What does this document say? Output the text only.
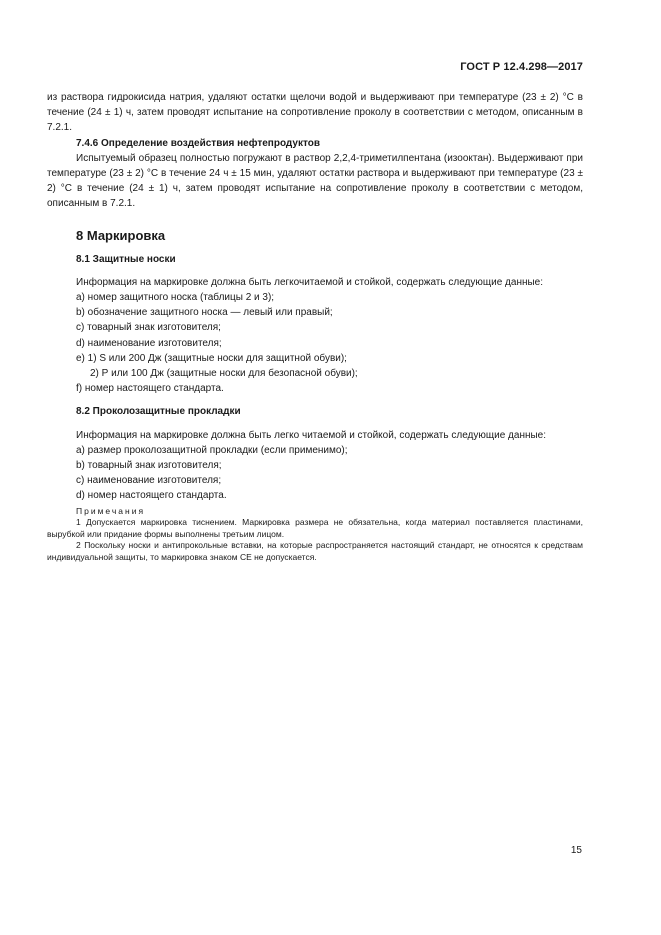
ГОСТ Р 12.4.298—2017

из раствора гидрокисида натрия, удаляют остатки щелочи водой и выдерживают при температуре (23 ± 2) °С в течение (24 ± 1) ч, затем проводят испытание на сопротивление проколу в соответствии с методом, описанным в 7.2.1.

7.4.6 Определение воздействия нефтепродуктов

Испытуемый образец полностью погружают в раствор 2,2,4-триметилпентана (изооктан). Выдерживают при температуре (23 ± 2) °С в течение 24 ч ± 15 мин, удаляют остатки раствора и выдерживают при температуре (23 ± 2) °С в течение (24 ± 1) ч, затем проводят испытание на сопротивление проколу в соответствии с методом, описанным в 7.2.1.

8 Маркировка
8.1 Защитные носки

Информация на маркировке должна быть легкочитаемой и стойкой, содержать следующие данные:

a) номер защитного носка (таблицы 2 и 3);

b) обозначение защитного носка — левый или правый;

c) товарный знак изготовителя;

d) наименование изготовителя;

e) 1) S или 200 Дж (защитные носки для защитной обуви);

2) Р или 100 Дж (защитные носки для безопасной обуви);

f) номер настоящего стандарта.

8.2 Проколозащитные прокладки

Информация на маркировке должна быть легко читаемой и стойкой, содержать следующие данные:

a) размер проколозащитной прокладки (если применимо);

b) товарный знак изготовителя;

c) наименование изготовителя;

d) номер настоящего стандарта.

Примечания

1 Допускается маркировка тиснением. Маркировка размера не обязательна, когда материал поставляется пластинами, вырубкой или придание формы выполнены третьим лицом.

2 Поскольку носки и антипрокольные вставки, на которые распространяется настоящий стандарт, не относятся к средствам индивидуальной защиты, то маркировка знаком СЕ не допускается.

15
